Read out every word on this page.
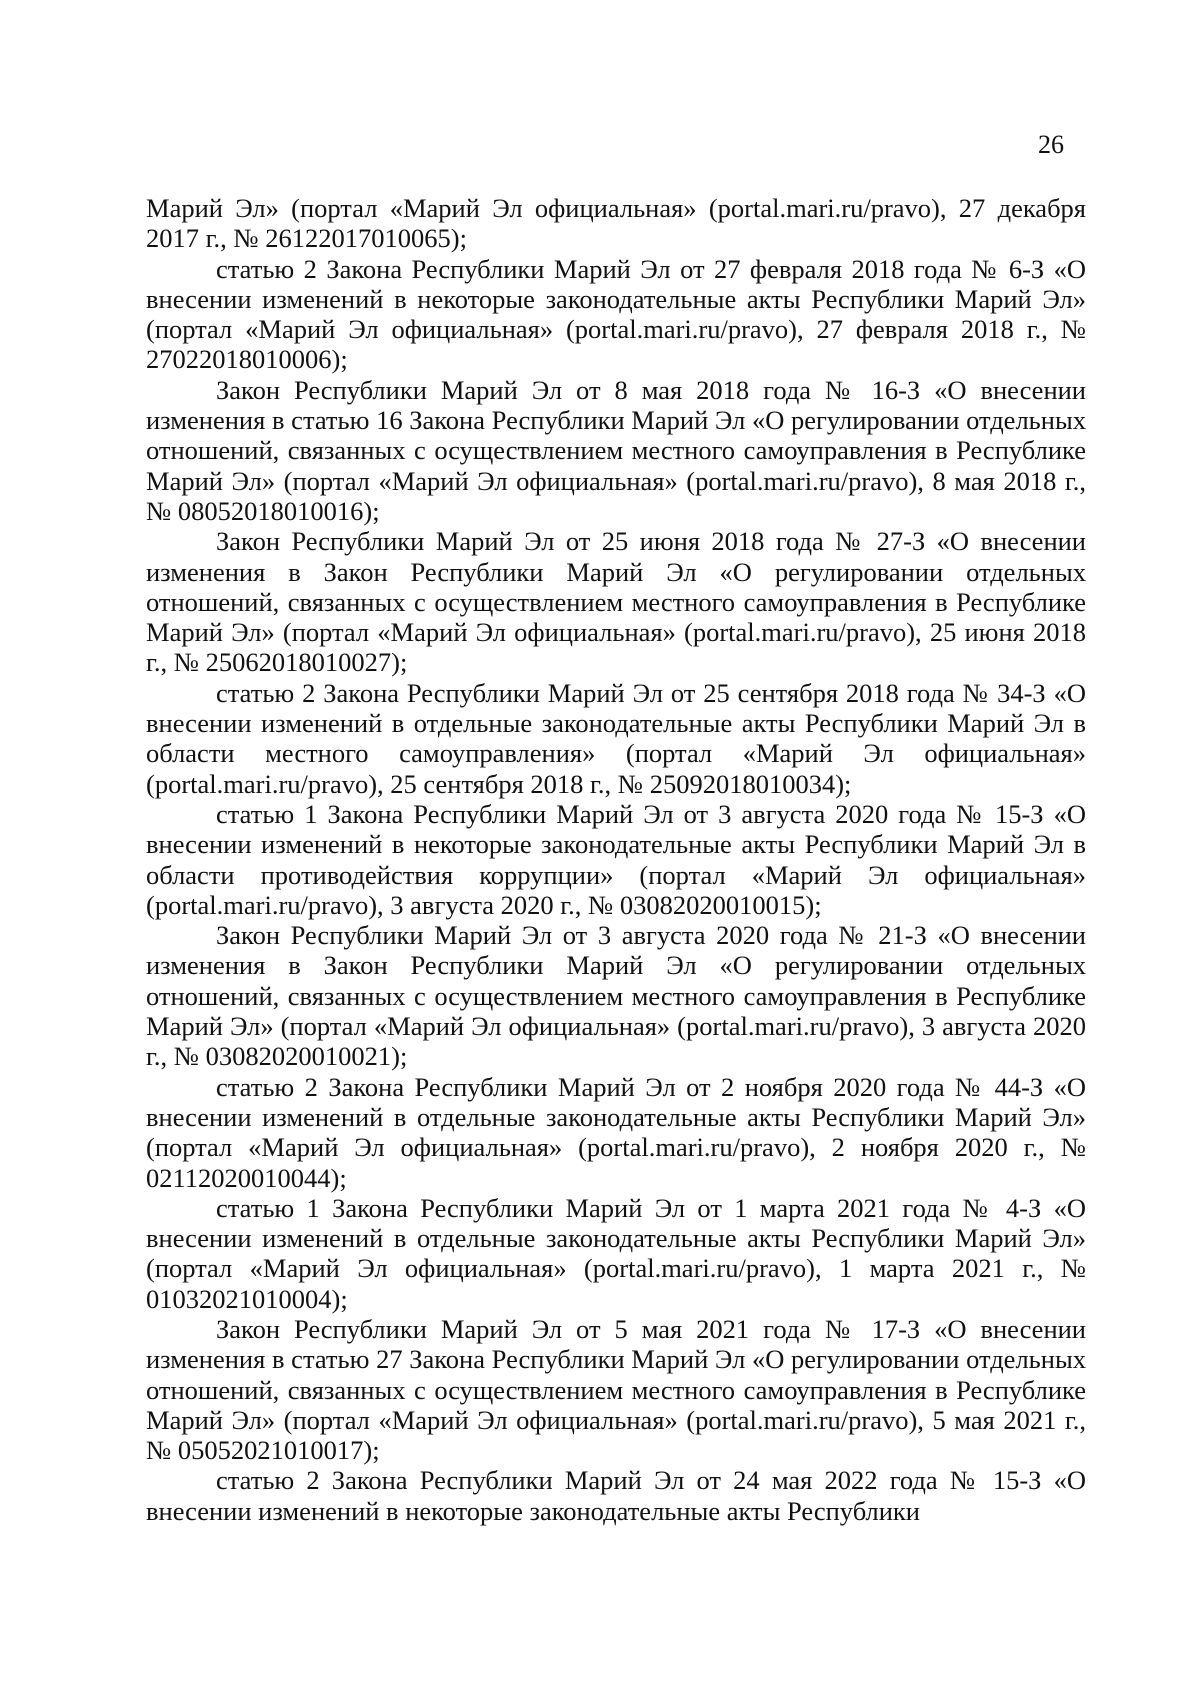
26

Марий Эл» (портал «Марий Эл официальная» (portal.mari.ru/pravo), 27 декабря 2017 г., № 26122017010065);

статью 2 Закона Республики Марий Эл от 27 февраля 2018 года № 6-З «О внесении изменений в некоторые законодательные акты Республики Марий Эл» (портал «Марий Эл официальная» (portal.mari.ru/pravo), 27 февраля 2018 г., № 27022018010006);

Закон Республики Марий Эл от 8 мая 2018 года № 16-З «О внесении изменения в статью 16 Закона Республики Марий Эл «О регулировании отдельных отношений, связанных с осуществлением местного самоуправления в Республике Марий Эл» (портал «Марий Эл официальная» (portal.mari.ru/pravo), 8 мая 2018 г., № 08052018010016);

Закон Республики Марий Эл от 25 июня 2018 года № 27-З «О внесении изменения в Закон Республики Марий Эл «О регулировании отдельных отношений, связанных с осуществлением местного самоуправления в Республике Марий Эл» (портал «Марий Эл официальная» (portal.mari.ru/pravo), 25 июня 2018 г., № 25062018010027);

статью 2 Закона Республики Марий Эл от 25 сентября 2018 года № 34-З «О внесении изменений в отдельные законодательные акты Республики Марий Эл в области местного самоуправления» (портал «Марий Эл официальная» (portal.mari.ru/pravo), 25 сентября 2018 г., № 25092018010034);

статью 1 Закона Республики Марий Эл от 3 августа 2020 года № 15-З «О внесении изменений в некоторые законодательные акты Республики Марий Эл в области противодействия коррупции» (портал «Марий Эл официальная» (portal.mari.ru/pravo), 3 августа 2020 г., № 03082020010015);

Закон Республики Марий Эл от 3 августа 2020 года № 21-З «О внесении изменения в Закон Республики Марий Эл «О регулировании отдельных отношений, связанных с осуществлением местного самоуправления в Республике Марий Эл» (портал «Марий Эл официальная» (portal.mari.ru/pravo), 3 августа 2020 г., № 03082020010021);

статью 2 Закона Республики Марий Эл от 2 ноября 2020 года № 44-З «О внесении изменений в отдельные законодательные акты Республики Марий Эл» (портал «Марий Эл официальная» (portal.mari.ru/pravo), 2 ноября 2020 г., № 02112020010044);

статью 1 Закона Республики Марий Эл от 1 марта 2021 года № 4-З «О внесении изменений в отдельные законодательные акты Республики Марий Эл» (портал «Марий Эл официальная» (portal.mari.ru/pravo), 1 марта 2021 г., № 01032021010004);

Закон Республики Марий Эл от 5 мая 2021 года № 17-З «О внесении изменения в статью 27 Закона Республики Марий Эл «О регулировании отдельных отношений, связанных с осуществлением местного самоуправления в Республике Марий Эл» (портал «Марий Эл официальная» (portal.mari.ru/pravo), 5 мая 2021 г., № 05052021010017);

статью 2 Закона Республики Марий Эл от 24 мая 2022 года № 15-З «О внесении изменений в некоторые законодательные акты Республики
